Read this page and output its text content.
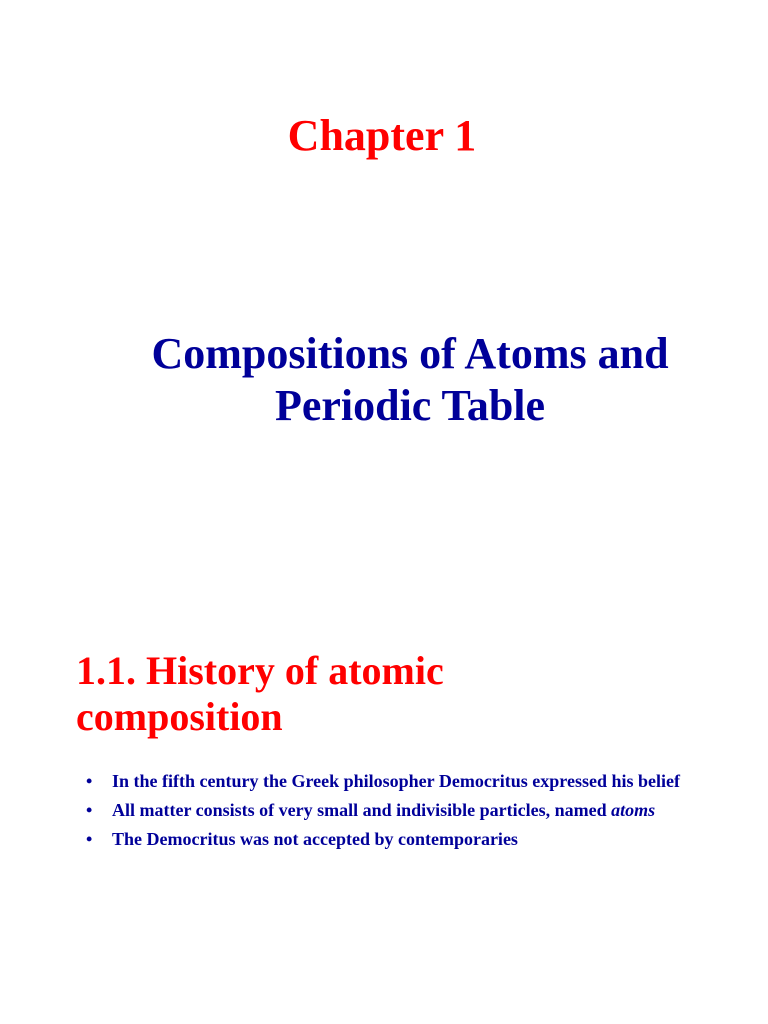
Chapter 1
Compositions of Atoms and
Periodic Table
1.1. History of atomic
composition
• In the fifth century the Greek philosopher Democritus expressed his belief
• All matter consists of very small and indivisible particles, named atoms
• The Democritus was not accepted by contemporaries
